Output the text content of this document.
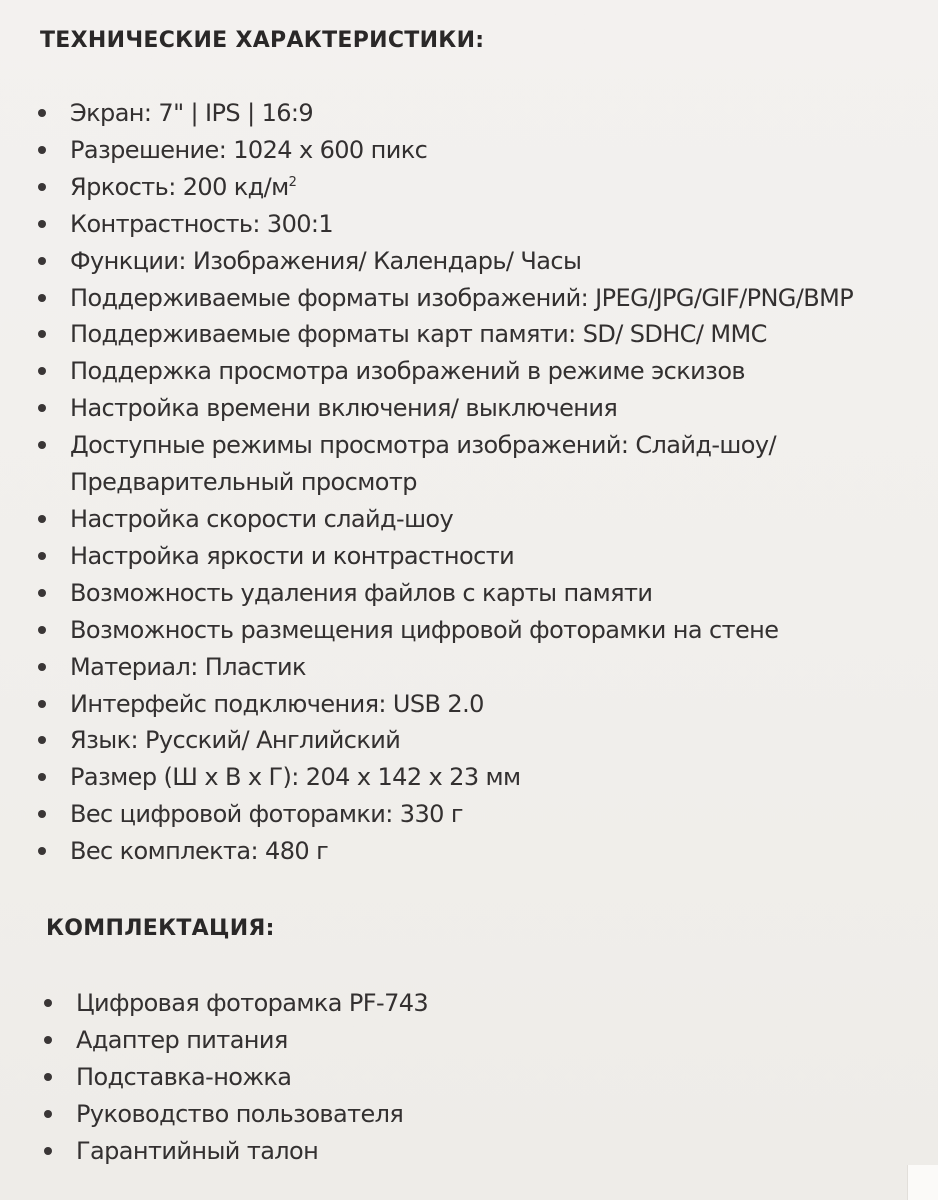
ТЕХНИЧЕСКИЕ ХАРАКТЕРИСТИКИ:
Экран: 7" | IPS | 16:9
Разрешение: 1024 х 600 пикс
Яркость: 200 $кд/м^2$
Контрастность: 300:1
Функции: Изображения/ Календарь/ Часы
Поддерживаемые форматы изображений: JPEG/JPG/GIF/PNG/BMP
Поддерживаемые форматы карт памяти: SD/ SDHC/ MMC
Поддержка просмотра изображений в режиме эскизов
Настройка времени включения/ выключения
Доступные режимы просмотра изображений: Слайд-шоу/
Предварительный просмотр
Настройка скорости слайд-шоу
Настройка яркости и контрастности
Возможность удаления файлов с карты памяти
Возможность размещения цифровой фоторамки на стене
Материал: Пластик
Интерфейс подключения: USB 2.0
Язык: Русский/ Английский
Размер (Ш х В х Г): 204 х 142 х 23 мм
Вес цифровой фоторамки: 330 г
Вес комплекта: 480 г
КОМПЛЕКТАЦИЯ:
Цифровая фоторамка PF-743
Адаптер питания
Подставка-ножка
Руководство пользователя
Гарантийный талон
